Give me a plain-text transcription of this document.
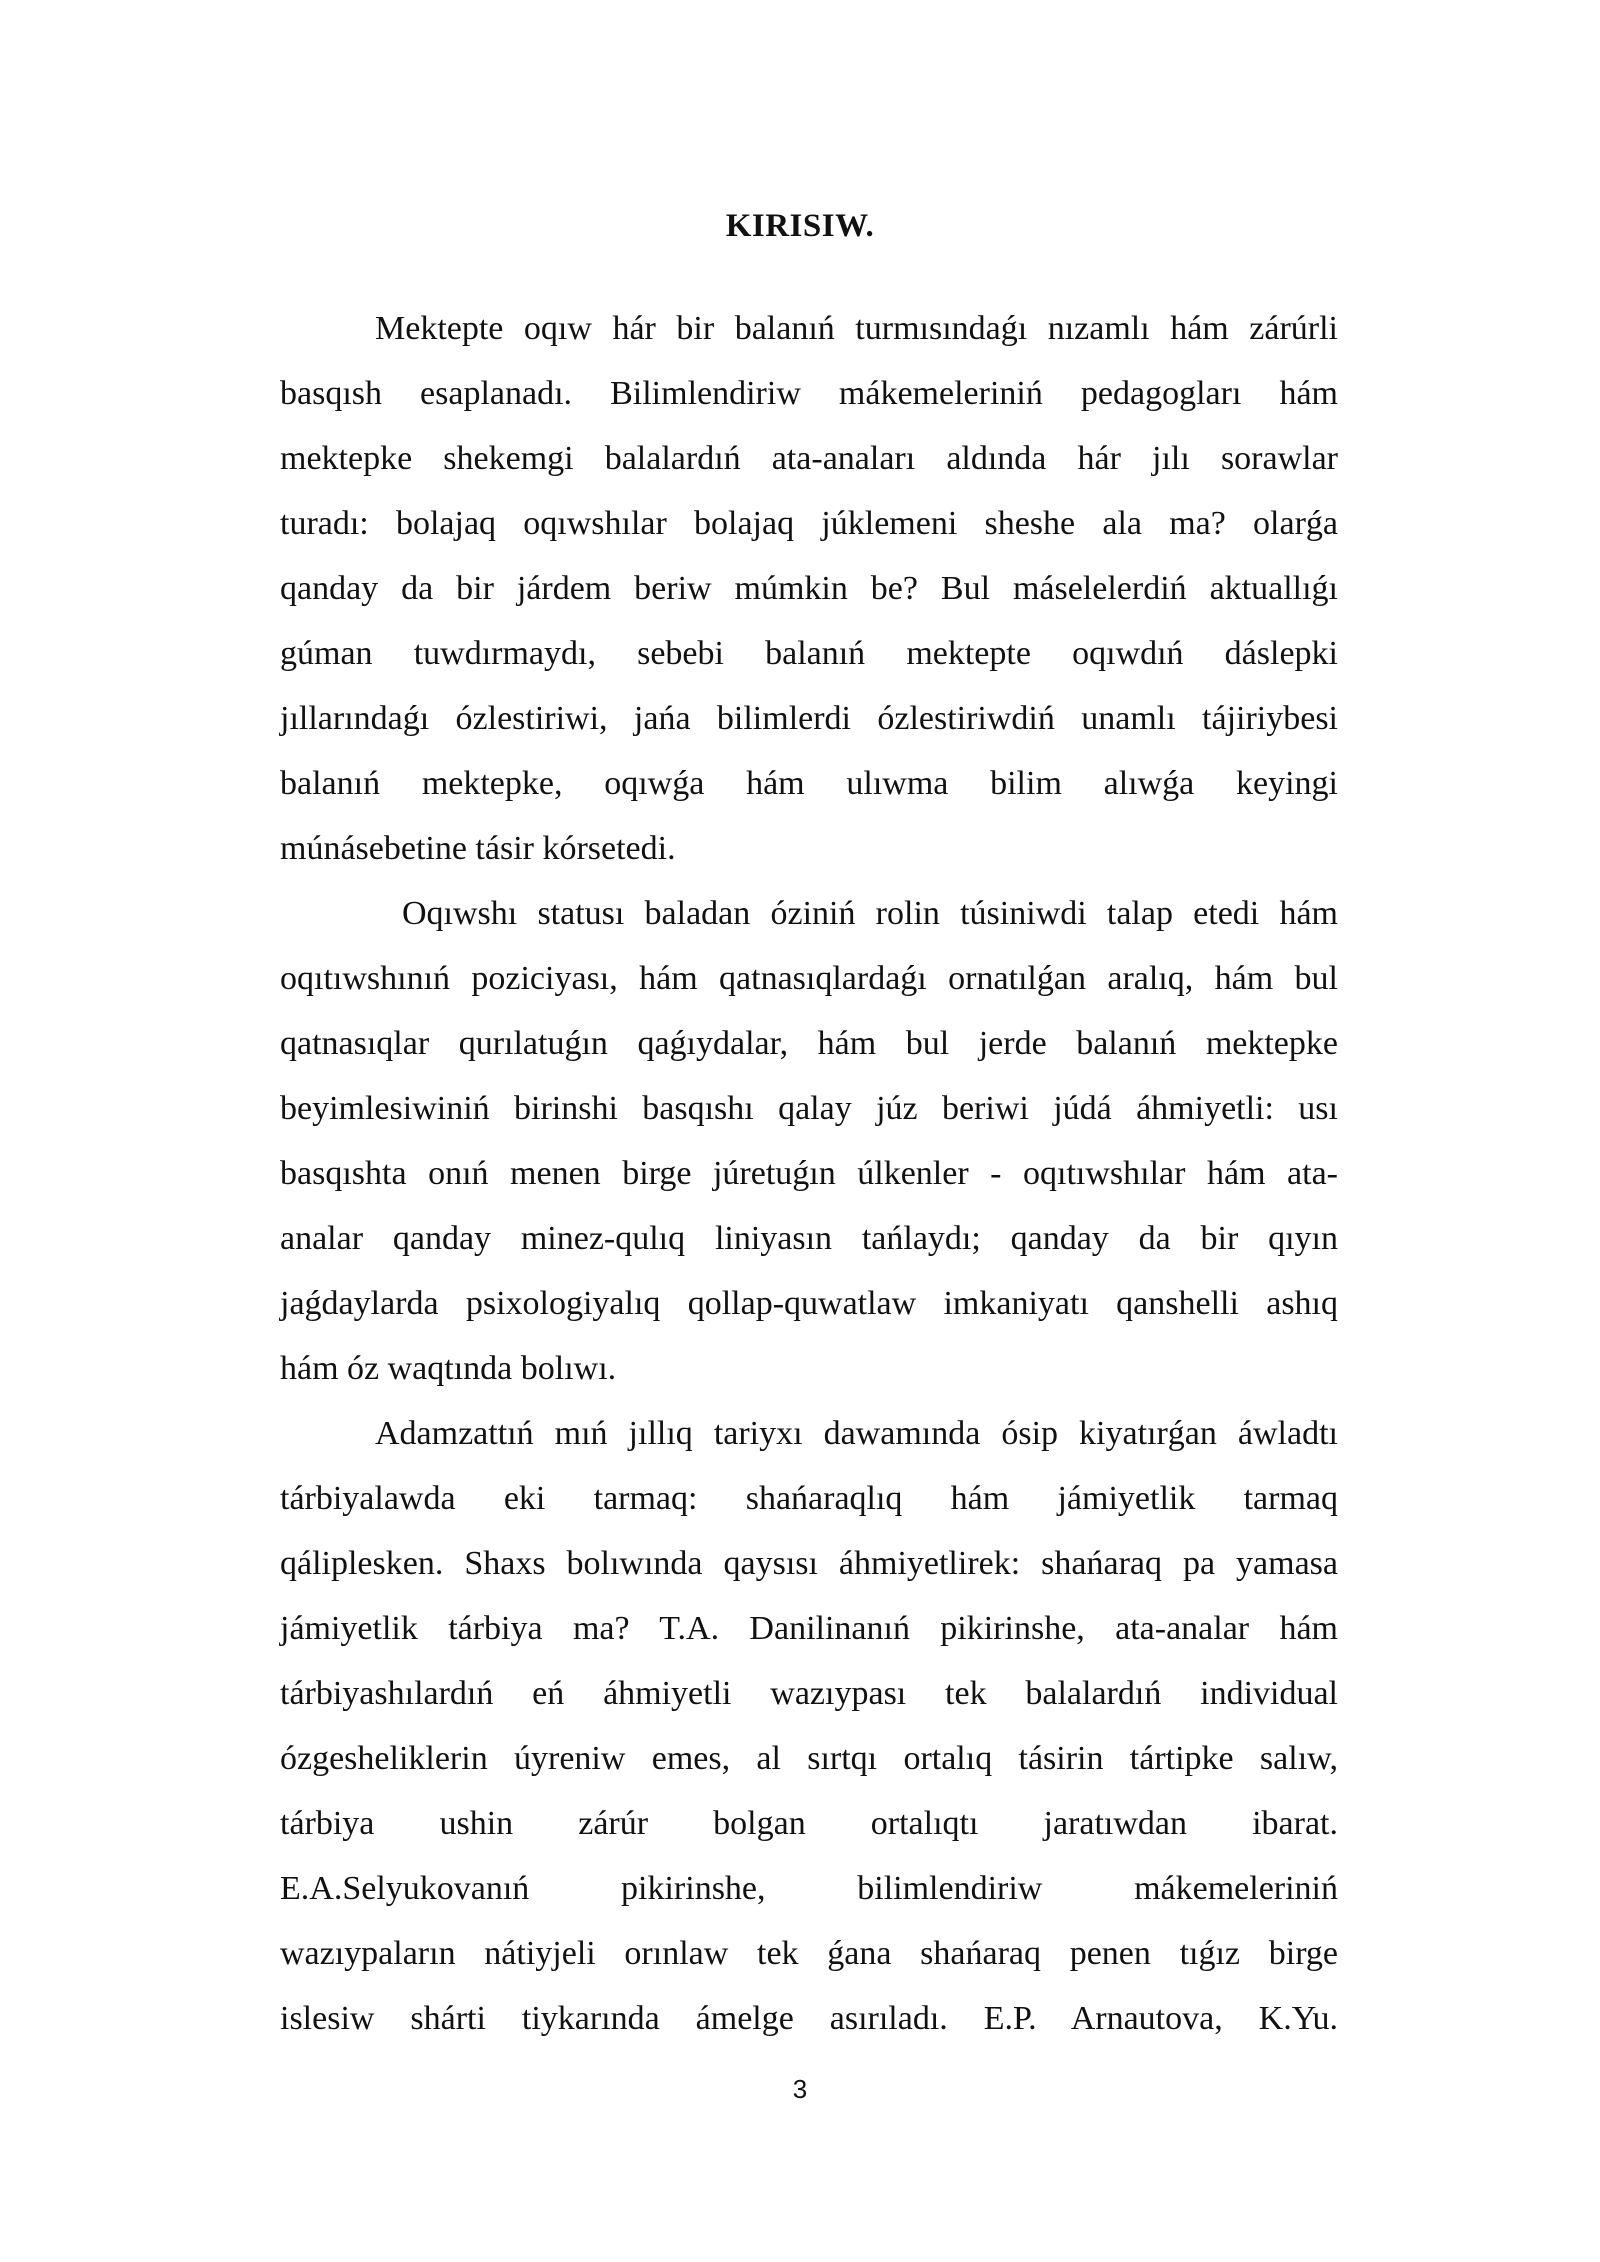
KIRISIW.
Mektepte oqıw hár bir balanıń turmısındaǵı nızamlı hám zárúrli
basqısh esaplanadı. Bilimlendiriw mákemeleriniń pedagogları hám
mektepke shekemgi balalardıń ata-anaları aldında hár jılı sorawlar
turadı: bolajaq oqıwshılar bolajaq júklemeni sheshe ala ma? olarǵa
qanday da bir járdem beriw múmkin be? Bul máselelerdiń aktuallıǵı
gúman tuwdırmaydı, sebebi balanıń mektepte oqıwdıń dáslepki
jıllarındaǵı ózlestiriwi, jańa bilimlerdi ózlestiriwdiń unamlı tájiriybesi
balanıń mektepke, oqıwǵa hám ulıwma bilim alıwǵa keyingi
múnásebetine tásir kórsetedi.
Oqıwshı statusı baladan óziniń rolin túsiniwdi talap etedi hám
oqıtıwshınıń poziciyası, hám qatnasıqlardaǵı ornatılǵan aralıq, hám bul
qatnasıqlar qurılatuǵın qaǵıydalar, hám bul jerde balanıń mektepke
beyimlesiwiniń birinshi basqıshı qalay júz beriwi júdá áhmiyetli: usı
basqıshta onıń menen birge júretuǵın úlkenler - oqıtıwshılar hám ata-
analar qanday minez-qulıq liniyasın tańlaydı; qanday da bir qıyın
jaǵdaylarda psixologiyalıq qollap-quwatlaw imkaniyatı qanshelli ashıq
hám óz waqtında bolıwı.
Adamzattıń mıń jıllıq tariyxı dawamında ósip kiyatırǵan áwladtı
tárbiyalawda eki tarmaq: shańaraqlıq hám jámiyetlik tarmaq
qáliplesken. Shaxs bolıwında qaysısı áhmiyetlirek: shańaraq pa yamasa
jámiyetlik tárbiya ma? T.A. Danilinanıń pikirinshe, ata-analar hám
tárbiyashılardıń eń áhmiyetli wazıypası tek balalardıń individual
ózgesheliklerin úyreniw emes, al sırtqı ortalıq tásirin tártipke salıw,
tárbiya ushin zárúr bolgan ortalıqtı jaratıwdan ibarat.
E.A.Selyukovanıń pikirinshe, bilimlendiriw mákemeleriniń
wazıypaların nátiyjeli orınlaw tek ǵana shańaraq penen tıǵız birge
islesiw shárti tiykarında ámelge asırıladı. E.P. Arnautova, K.Yu.
3
